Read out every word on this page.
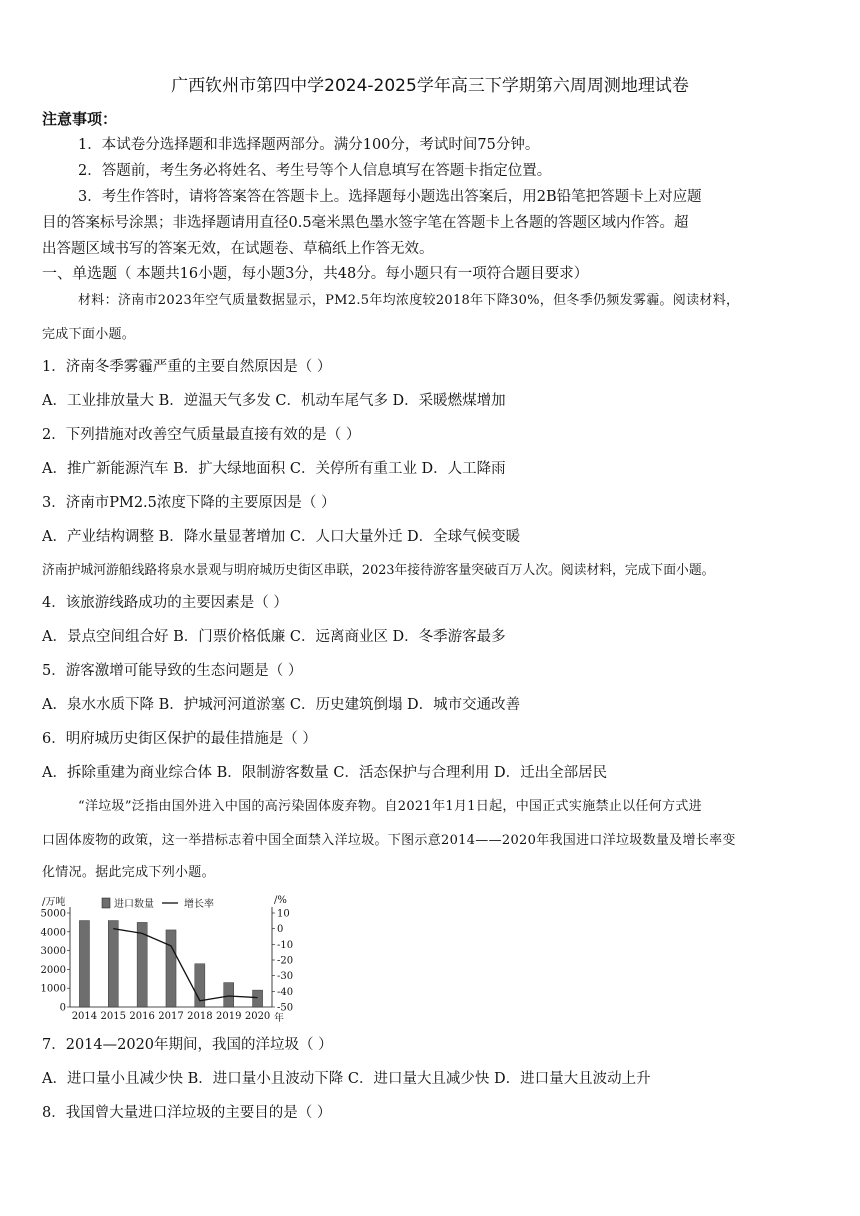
广西钦州市第四中学2024-2025学年高三下学期第六周周测地理试卷
注意事项：
1．本试卷分选择题和非选择题两部分。满分100分，考试时间75分钟。
2．答题前，考生务必将姓名、考生号等个人信息填写在答题卡指定位置。
3．考生作答时，请将答案答在答题卡上。选择题每小题选出答案后，用2B铅笔把答题卡上对应题
目的答案标号涂黑；非选择题请用直径0.5毫米黑色墨水签字笔在答题卡上各题的答题区域内作答。超
出答题区域书写的答案无效，在试题卷、草稿纸上作答无效。
一、单选题（ 本题共16小题，每小题3分，共48分。每小题只有一项符合题目要求）
材料：济南市2023年空气质量数据显示，PM2.5年均浓度较2018年下降30%，但冬季仍频发雾霾。阅读材料，
完成下面小题。
1．济南冬季雾霾严重的主要自然原因是（ ）
A．工业排放量大 B．逆温天气多发 C．机动车尾气多 D．采暖燃煤增加
2．下列措施对改善空气质量最直接有效的是（ ）
A．推广新能源汽车 B．扩大绿地面积 C．关停所有重工业 D．人工降雨
3．济南市PM2.5浓度下降的主要原因是（ ）
A．产业结构调整 B．降水量显著增加 C．人口大量外迁 D．全球气候变暖
济南护城河游船线路将泉水景观与明府城历史街区串联，2023年接待游客量突破百万人次。阅读材料，完成下面小题。
4．该旅游线路成功的主要因素是（ ）
A．景点空间组合好 B．门票价格低廉 C．远离商业区 D．冬季游客最多
5．游客激增可能导致的生态问题是（ ）
A．泉水水质下降 B．护城河河道淤塞 C．历史建筑倒塌 D．城市交通改善
6．明府城历史街区保护的最佳措施是（ ）
A．拆除重建为商业综合体 B．限制游客数量 C．活态保护与合理利用 D．迁出全部居民
“洋垃圾”泛指由国外进入中国的高污染固体废弃物。自2021年1月1日起，中国正式实施禁止以任何方式进
口固体废物的政策，这一举措标志着中国全面禁入洋垃圾。下图示意2014——2020年我国进口洋垃圾数量及增长率变
化情况。据此完成下列小题。
/万吨	/%
年
进口数量	增长率
5000
4000
3000
2000
1000
0
10
0
-10
-20
-30
-40
-50
2014 2015 2016 2017 2018 2019 2020
7．2014—2020年期间，我国的洋垃圾（ ）
A．进口量小且减少快 B．进口量小且波动下降 C．进口量大且减少快 D．进口量大且波动上升
8．我国曾大量进口洋垃圾的主要目的是（ ）
